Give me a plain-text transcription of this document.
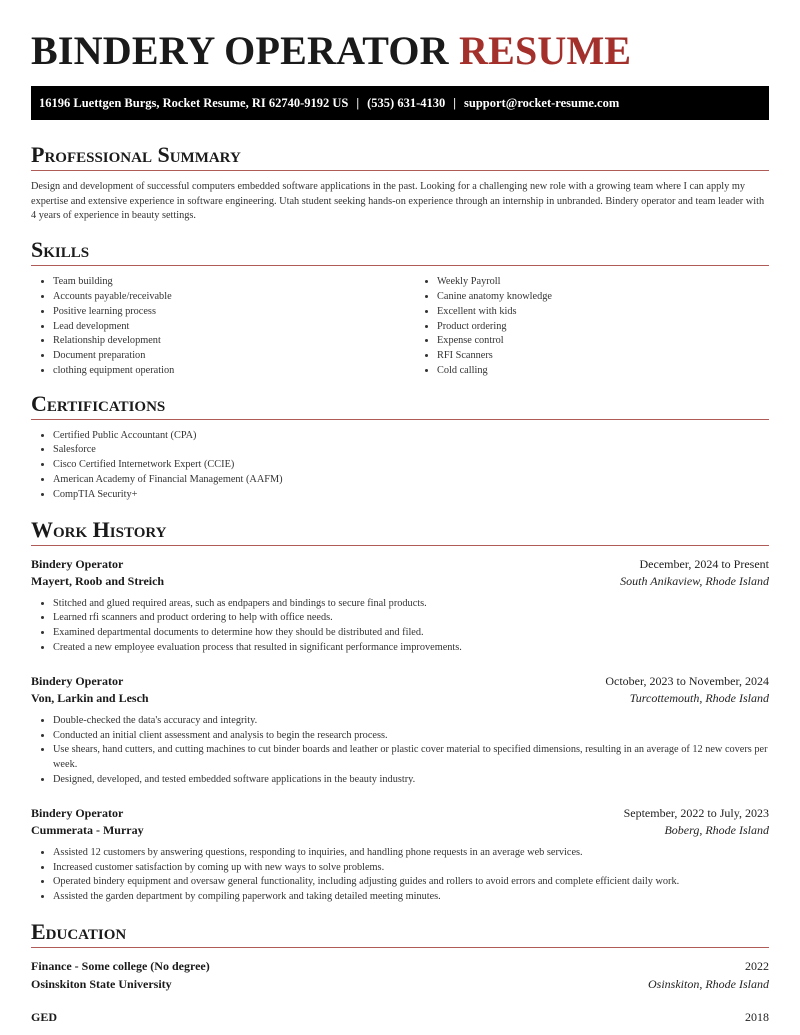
BINDERY OPERATOR RESUME
16196 Luettgen Burgs, Rocket Resume, RI 62740-9192 US | (535) 631-4130 | support@rocket-resume.com
Professional Summary

Design and development of successful computers embedded software applications in the past. Looking for a challenging new role with a growing team where I can apply my expertise and extensive experience in software engineering. Utah student seeking hands-on experience through an internship in unbranded. Bindery operator and team leader with 4 years of experience in beauty settings.

Skills
• Team building
• Accounts payable/receivable
• Positive learning process
• Lead development
• Relationship development
• Document preparation
• clothing equipment operation
• Weekly Payroll
• Canine anatomy knowledge
• Excellent with kids
• Product ordering
• Expense control
• RFI Scanners
• Cold calling
Certifications
• Certified Public Accountant (CPA)
• Salesforce
• Cisco Certified Internetwork Expert (CCIE)
• American Academy of Financial Management (AAFM)
• CompTIA Security+
Work History
Bindery Operator	December, 2024 to Present
Mayert, Roob and Streich	South Anikaview, Rhode Island
• Stitched and glued required areas, such as endpapers and bindings to secure final products.
• Learned rfi scanners and product ordering to help with office needs.
• Examined departmental documents to determine how they should be distributed and filed.
• Created a new employee evaluation process that resulted in significant performance improvements.
Bindery Operator	October, 2023 to November, 2024
Von, Larkin and Lesch	Turcottemouth, Rhode Island
• Double-checked the data's accuracy and integrity.
• Conducted an initial client assessment and analysis to begin the research process.
• Use shears, hand cutters, and cutting machines to cut binder boards and leather or plastic cover material to specified dimensions, resulting in an average of 12 new covers per week.
• Designed, developed, and tested embedded software applications in the beauty industry.
Bindery Operator	September, 2022 to July, 2023
Cummerata - Murray	Boberg, Rhode Island
• Assisted 12 customers by answering questions, responding to inquiries, and handling phone requests in an average web services.
• Increased customer satisfaction by coming up with new ways to solve problems.
• Operated bindery equipment and oversaw general functionality, including adjusting guides and rollers to avoid errors and complete efficient daily work.
• Assisted the garden department by compiling paperwork and taking detailed meeting minutes.
Education
Finance - Some college (No degree)	2022
Osinskiton State University	Osinskiton, Rhode Island
GED	2018
